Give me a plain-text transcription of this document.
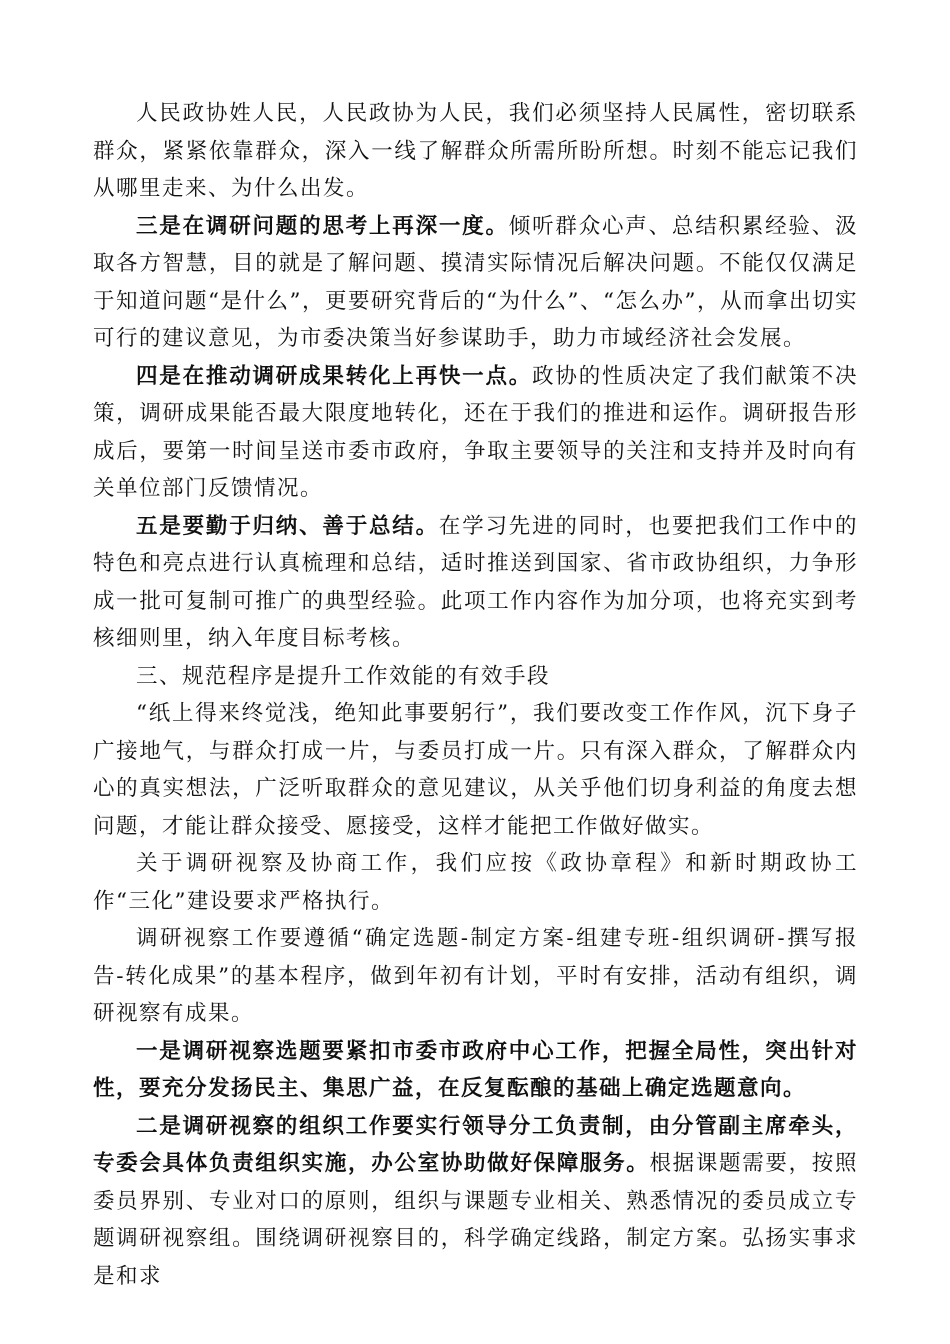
人民政协姓人民，人民政协为人民，我们必须坚持人民属性，密切联系群众，紧紧依靠群众，深入一线了解群众所需所盼所想。时刻不能忘记我们从哪里走来、为什么出发。

三是在调研问题的思考上再深一度。倾听群众心声、总结积累经验、汲取各方智慧，目的就是了解问题、摸清实际情况后解决问题。不能仅仅满足于知道问题“是什么”，更要研究背后的“为什么”、“怎么办”，从而拿出切实可行的建议意见，为市委决策当好参谋助手，助力市域经济社会发展。

四是在推动调研成果转化上再快一点。政协的性质决定了我们献策不决策，调研成果能否最大限度地转化，还在于我们的推进和运作。调研报告形成后，要第一时间呈送市委市政府，争取主要领导的关注和支持并及时向有关单位部门反馈情况。

五是要勤于归纳、善于总结。在学习先进的同时，也要把我们工作中的特色和亮点进行认真梳理和总结，适时推送到国家、省市政协组织，力争形成一批可复制可推广的典型经验。此项工作内容作为加分项，也将充实到考核细则里，纳入年度目标考核。

三、规范程序是提升工作效能的有效手段

“纸上得来终觉浅，绝知此事要躬行”，我们要改变工作作风，沉下身子广接地气，与群众打成一片，与委员打成一片。只有深入群众，了解群众内心的真实想法，广泛听取群众的意见建议，从关乎他们切身利益的角度去想问题，才能让群众接受、愿接受，这样才能把工作做好做实。

关于调研视察及协商工作，我们应按《政协章程》和新时期政协工作“三化”建设要求严格执行。

调研视察工作要遵循“确定选题-制定方案-组建专班-组织调研-撰写报告-转化成果”的基本程序，做到年初有计划，平时有安排，活动有组织，调研视察有成果。

一是调研视察选题要紧扣市委市政府中心工作，把握全局性，突出针对性，要充分发扬民主、集思广益，在反复酝酿的基础上确定选题意向。

二是调研视察的组织工作要实行领导分工负责制，由分管副主席牵头，专委会具体负责组织实施，办公室协助做好保障服务。根据课题需要，按照委员界别、专业对口的原则，组织与课题专业相关、熟悉情况的委员成立专题调研视察组。围绕调研视察目的，科学确定线路，制定方案。弘扬实事求是和求
